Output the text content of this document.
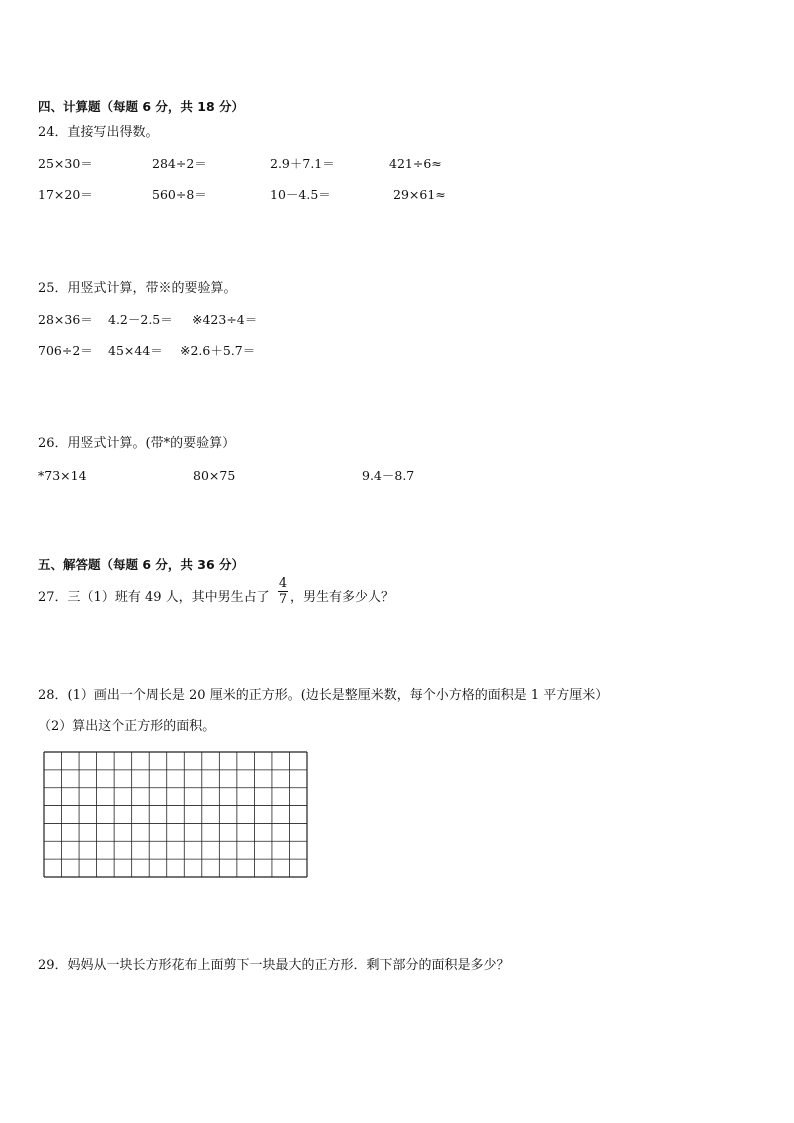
四、计算题（每题 6 分，共 18 分）
24．直接写出得数。
25×30＝	284÷2＝	2.9＋7.1＝	421÷6≈
17×20＝	560÷8＝	10－4.5＝	29×61≈
25．用竖式计算，带※的要验算。
28×36＝ 4.2－2.5＝ ※423÷4＝
706÷2＝ 45×44＝ ※2.6＋5.7＝
26．用竖式计算。(带*的要验算）
*73×14	80×75	9.4－8.7
五、解答题（每题 6 分，共 36 分）
27．三（1）班有 49 人，其中男生占了
4
7 ，男生有多少人？
28．(1）画出一个周长是 20 厘米的正方形。(边长是整厘米数，每个小方格的面积是 1 平方厘米）
（2）算出这个正方形的面积。
29．妈妈从一块长方形花布上面剪下一块最大的正方形．剩下部分的面积是多少？
